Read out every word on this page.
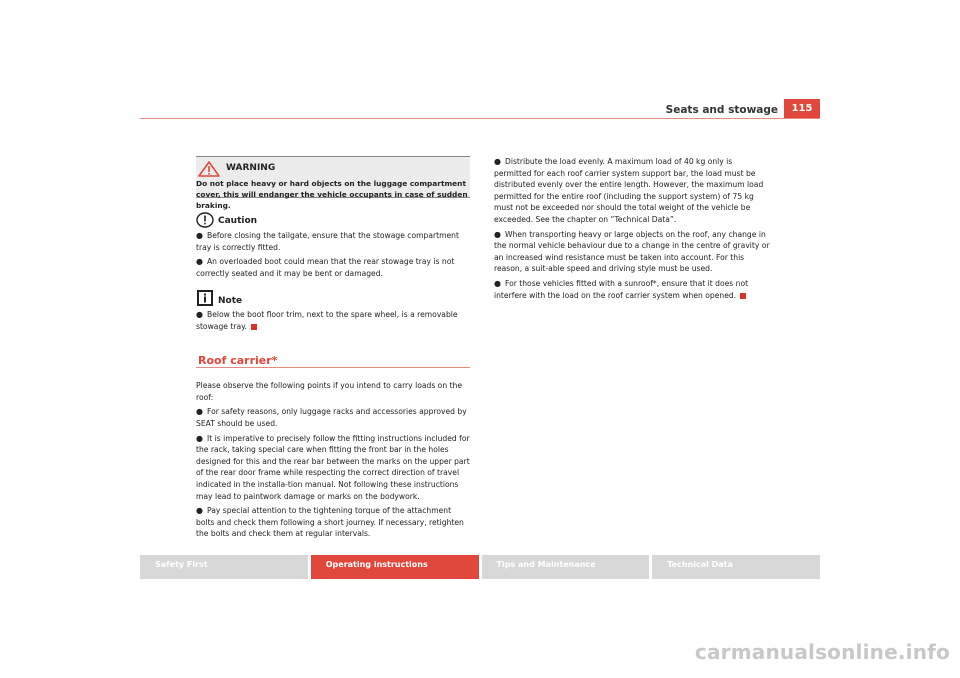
Seats and stowage	115
WARNING
Do not place heavy or hard objects on the luggage compartment cover, this will endanger the vehicle occupants in case of sudden braking.
Caution

● Before closing the tailgate, ensure that the stowage compartment tray is correctly fitted.

● An overloaded boot could mean that the rear stowage tray is not correctly seated and it may be bent or damaged.

Note

● Below the boot floor trim, next to the spare wheel, is a removable stowage tray.

Roof carrier*

Please observe the following points if you intend to carry loads on the roof:

● For safety reasons, only luggage racks and accessories approved by SEAT should be used.

● It is imperative to precisely follow the fitting instructions included for the rack, taking special care when fitting the front bar in the holes designed for this and the rear bar between the marks on the upper part of the rear door frame while respecting the correct direction of travel indicated in the installa-tion manual. Not following these instructions may lead to paintwork damage or marks on the bodywork.

● Pay special attention to the tightening torque of the attachment bolts and check them following a short journey. If necessary, retighten the bolts and check them at regular intervals.

● Distribute the load evenly. A maximum load of 40 kg only is permitted for each roof carrier system support bar, the load must be distributed evenly over the entire length. However, the maximum load permitted for the entire roof (including the support system) of 75 kg must not be exceeded nor should the total weight of the vehicle be exceeded. See the chapter on “Technical Data”.

● When transporting heavy or large objects on the roof, any change in the normal vehicle behaviour due to a change in the centre of gravity or an increased wind resistance must be taken into account. For this reason, a suit-able speed and driving style must be used.

● For those vehicles fitted with a sunroof*, ensure that it does not interfere with the load on the roof carrier system when opened.

Safety First	Operating instructions	Tips and Maintenance	Technical Data
carmanualsonline.info
